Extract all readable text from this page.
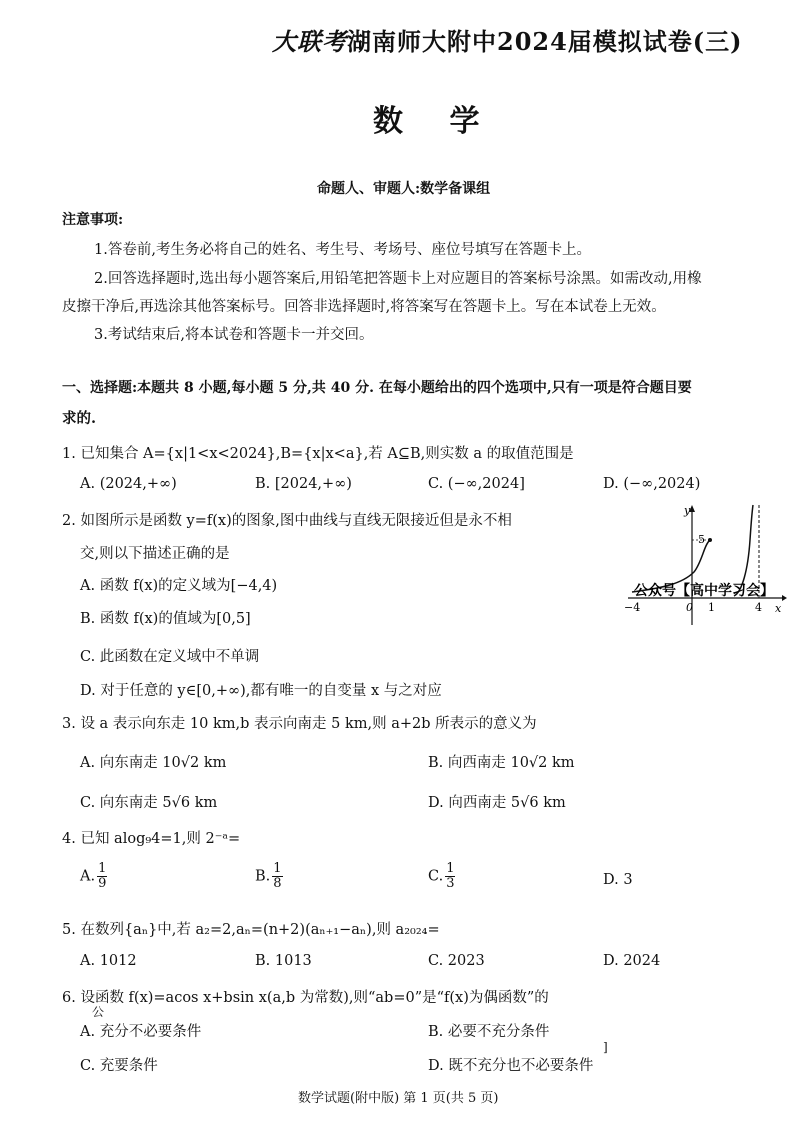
大联考湖南师大附中2024届模拟试卷(三)
数 学
命题人、审题人:数学备课组
注意事项:
1.答卷前,考生务必将自己的姓名、考生号、考场号、座位号填写在答题卡上。
2.回答选择题时,选出每小题答案后,用铅笔把答题卡上对应题目的答案标号涂黑。如需改动,用橡
皮擦干净后,再选涂其他答案标号。回答非选择题时,将答案写在答题卡上。写在本试卷上无效。
3.考试结束后,将本试卷和答题卡一并交回。
一、选择题:本题共 8 小题,每小题 5 分,共 40 分. 在每小题给出的四个选项中,只有一项是符合题目要
求的.
1. 已知集合 A={x|1<x<2024},B={x|x<a},若 A⊆B,则实数 a 的取值范围是
A. (2024,+∞)	B. [2024,+∞)	C. (−∞,2024]	D. (−∞,2024)
2. 如图所示是函数 y=f(x)的图象,图中曲线与直线无限接近但是永不相
交,则以下描述正确的是
A. 函数 f(x)的定义域为[−4,4)
B. 函数 f(x)的值域为[0,5]
C. 此函数在定义域中不单调
D. 对于任意的 y∈[0,+∞),都有唯一的自变量 x 与之对应
y
x
5
−4	0 1	4
公众号【高中学习会】
3. 设 a 表示向东走 10 km,b 表示向南走 5 km,则 a+2b 所表示的意义为
A. 向东南走 10√2 km	B. 向西南走 10√2 km
C. 向东南走 5√6 km	D. 向西南走 5√6 km
4. 已知 alog₉4=1,则 2⁻ᵃ=
A. $\frac{1}{9}$	B. $\frac{1}{8}$	C. $\frac{1}{3}$	D. 3
5. 在数列{aₙ}中,若 a₂=2,aₙ=(n+2)(aₙ₊₁−aₙ),则 a₂₀₂₄=
A. 1012	B. 1013	C. 2023	D. 2024
6. 设函数 f(x)=acos x+bsin x(a,b 为常数),则“ab=0”是“f(x)为偶函数”的
公
A. 充分不必要条件	B. 必要不充分条件
C. 充要条件	D. 既不充分也不必要条件
]
数学试题(附中版) 第 1 页(共 5 页)
